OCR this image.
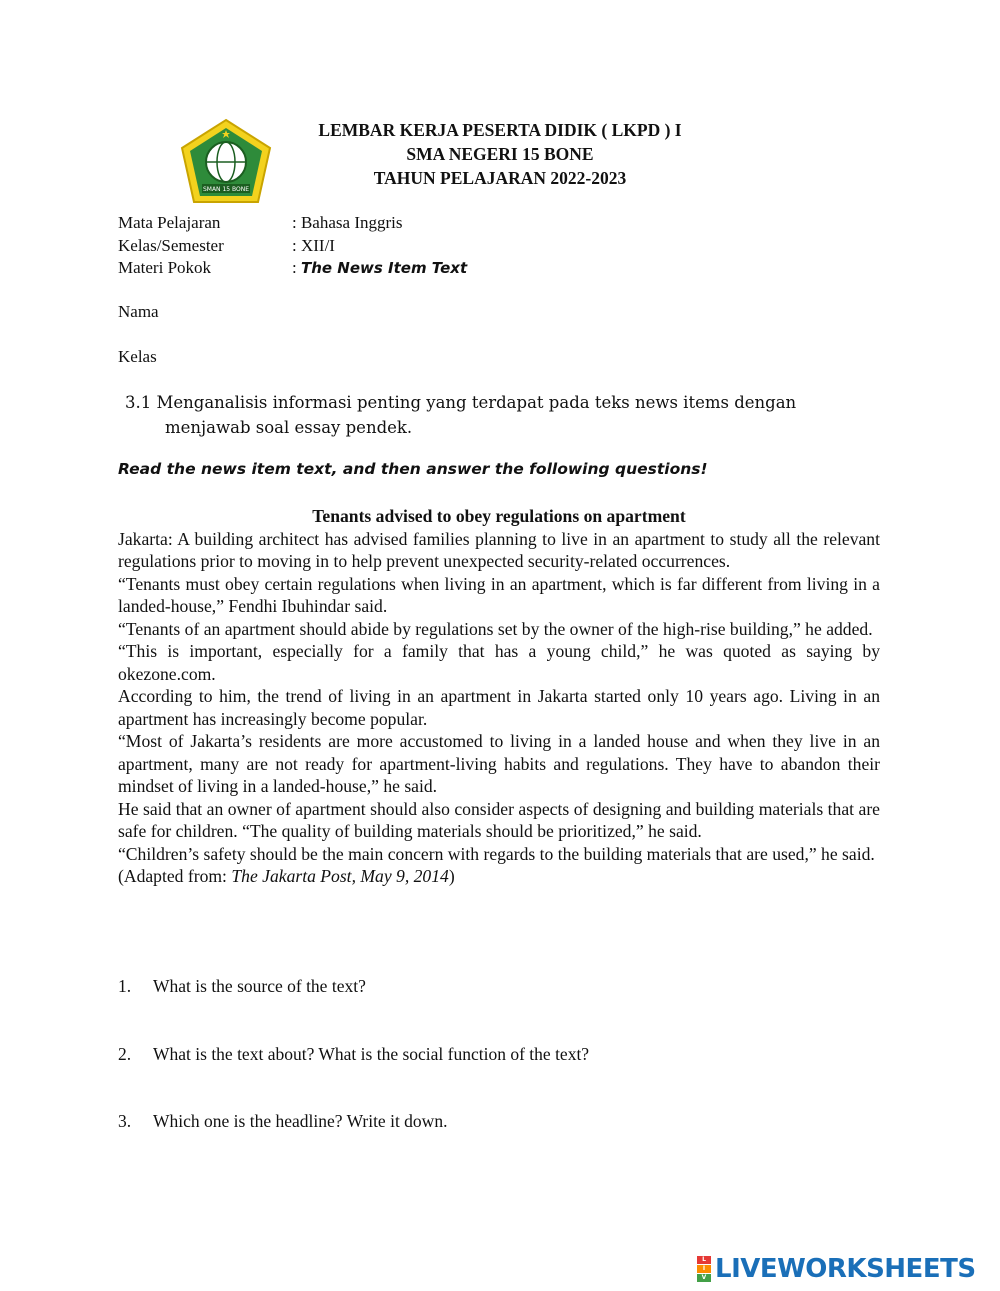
SMAN 15 BONE
LEMBAR KERJA PESERTA DIDIK ( LKPD ) I
SMA NEGERI 15 BONE
TAHUN PELAJARAN 2022-2023
Mata Pelajaran	: Bahasa Inggris
Kelas/Semester	: XII/I
Materi Pokok	: The News Item Text
Nama
Kelas
3.1 Menganalisis informasi penting yang terdapat pada teks news items dengan
menjawab soal essay pendek.
Read the news item text, and then answer the following questions!

Tenants advised to obey regulations on apartment

Jakarta: A building architect has advised families planning to live in an apartment to study all the relevant regulations prior to moving in to help prevent unexpected security-related occurrences.

“Tenants must obey certain regulations when living in an apartment, which is far different from living in a landed-house,” Fendhi Ibuhindar said.

“Tenants of an apartment should abide by regulations set by the owner of the high-rise building,” he added.

“This is important, especially for a family that has a young child,” he was quoted as saying by okezone.com.

According to him, the trend of living in an apartment in Jakarta started only 10 years ago. Living in an apartment has increasingly become popular.

“Most of Jakarta’s residents are more accustomed to living in a landed house and when they live in an apartment, many are not ready for apartment-living habits and regulations. They have to abandon their mindset of living in a landed-house,” he said.

He said that an owner of apartment should also consider aspects of designing and building materials that are safe for children. “The quality of building materials should be prioritized,” he said.

“Children’s safety should be the main concern with regards to the building materials that are used,” he said.

(Adapted from: The Jakarta Post, May 9, 2014)

1.	What is the source of the text?
2.	What is the text about? What is the social function of the text?
3.	Which one is the headline? Write it down.
L
I
V LIVEWORKSHEETS
